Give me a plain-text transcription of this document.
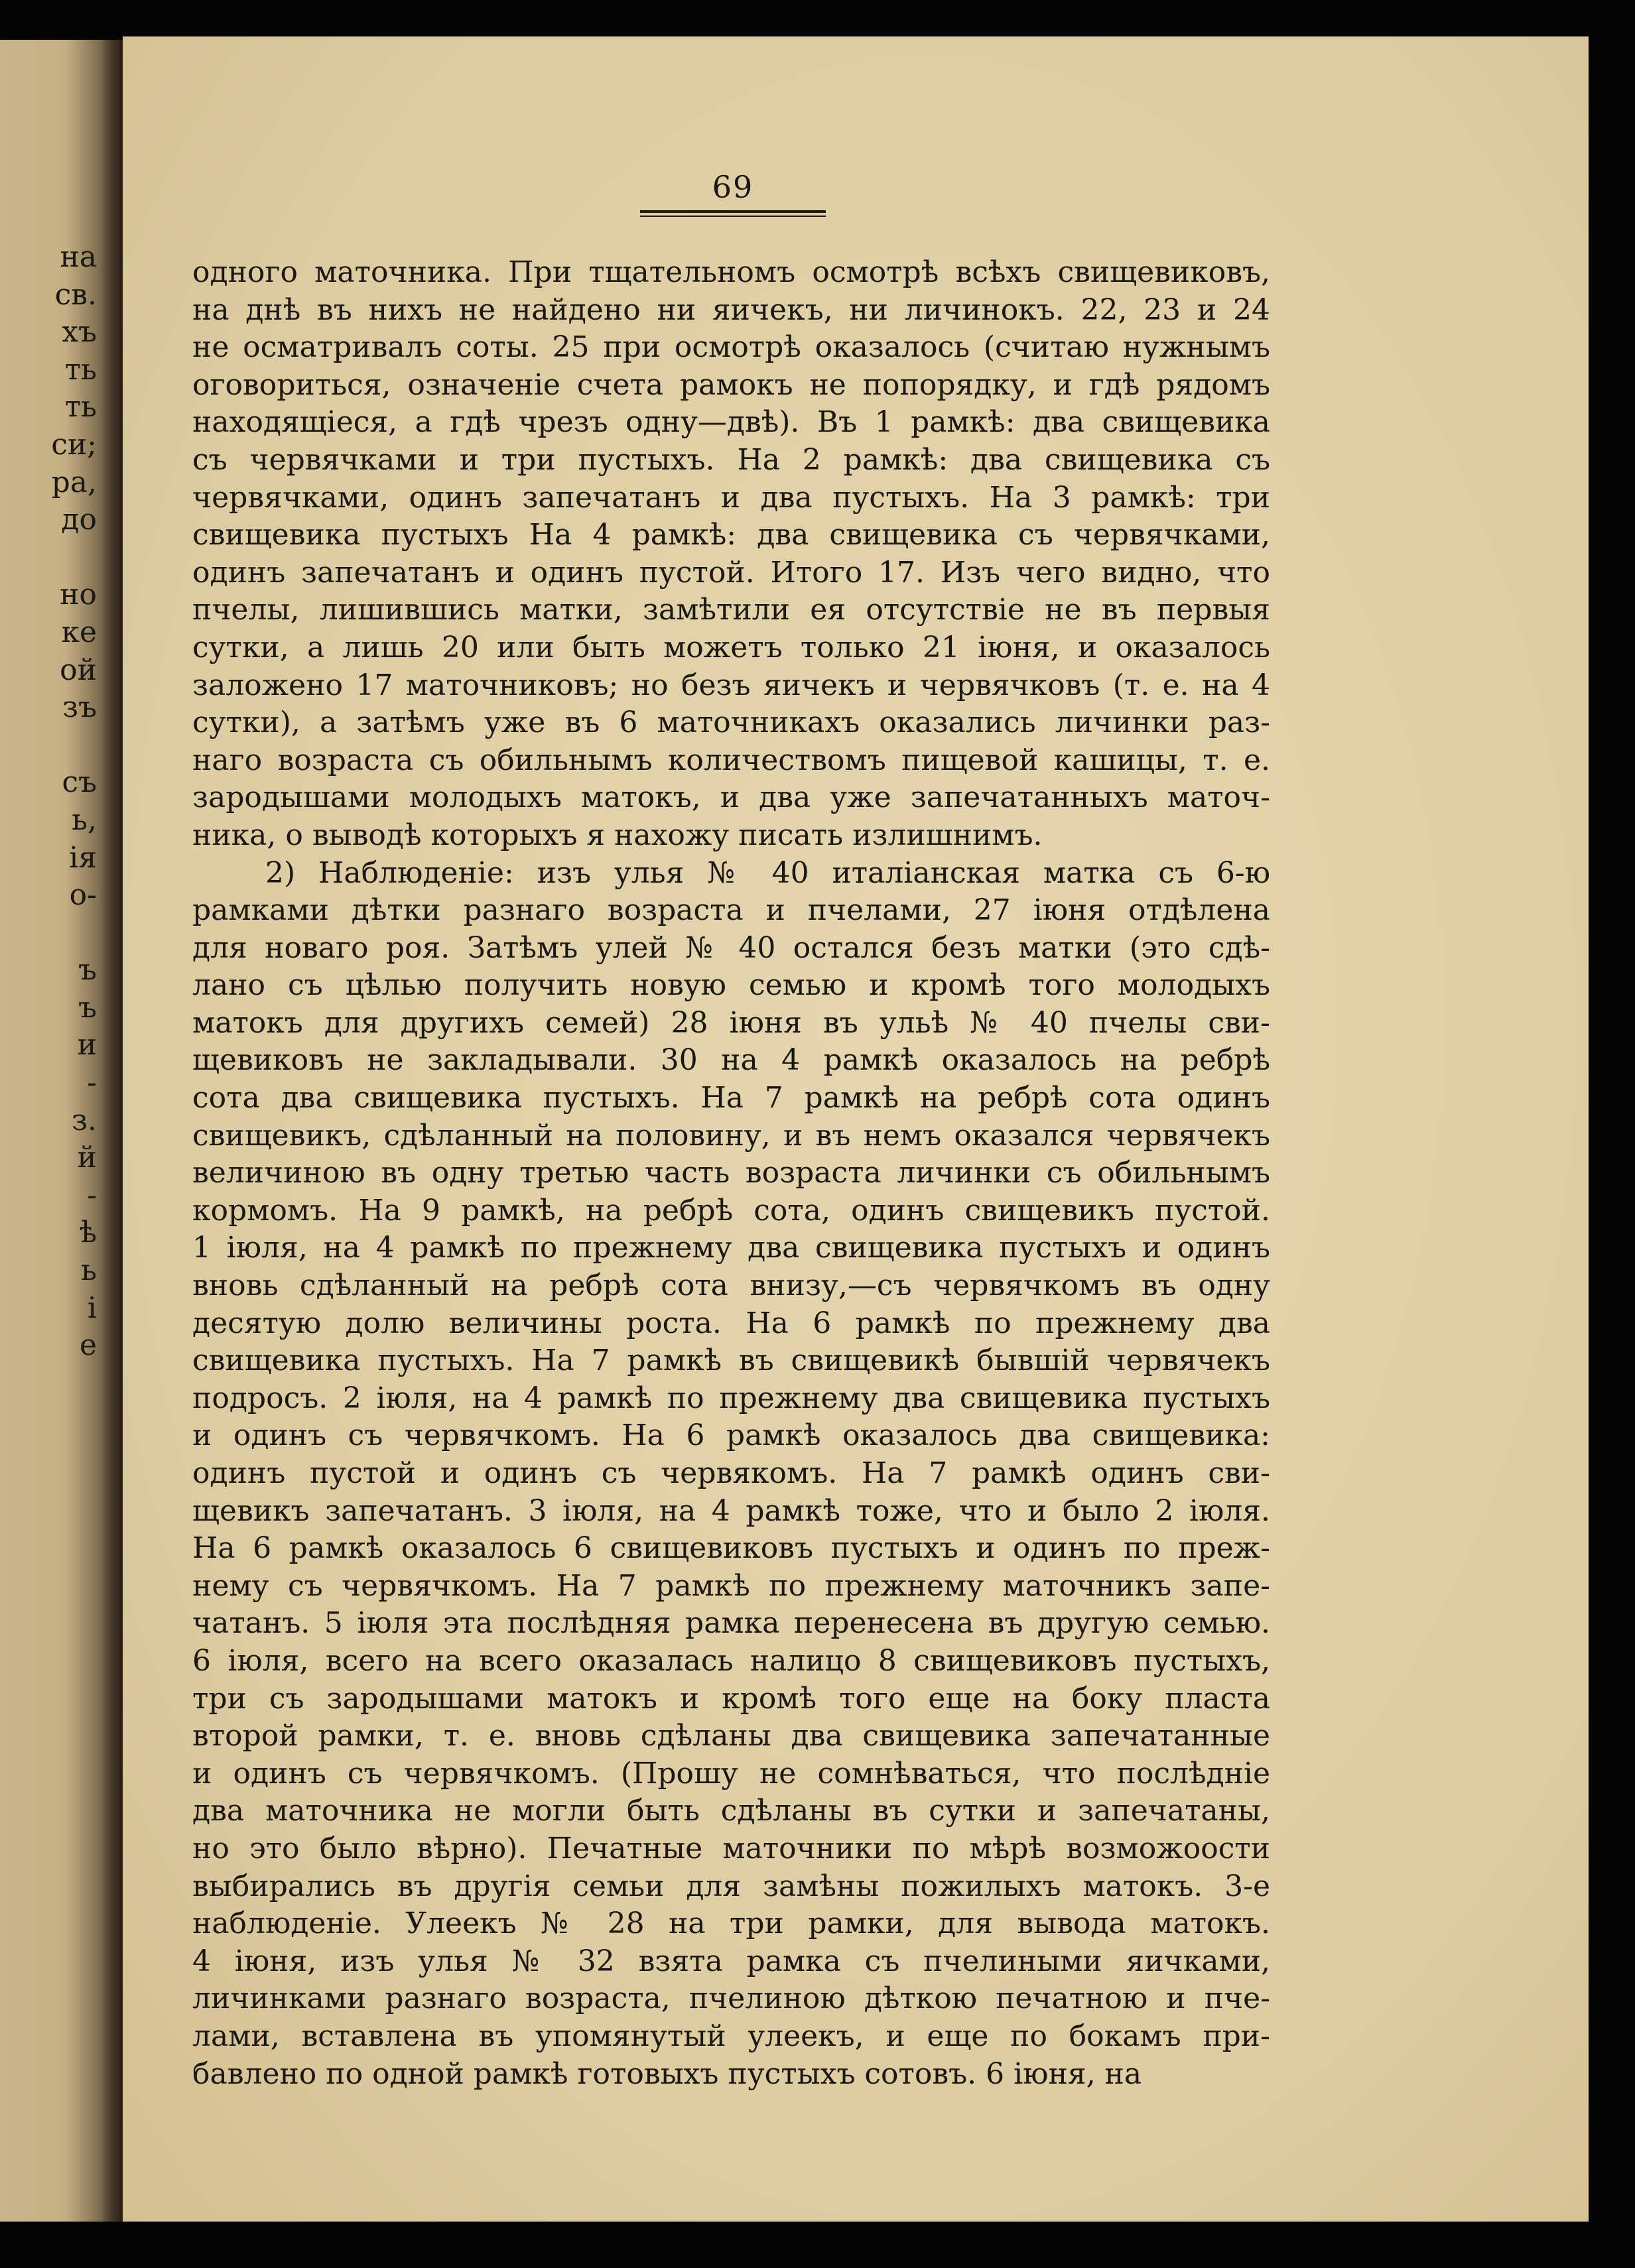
на
св.
хъ
ть
ть
си;
ра,
до
но
ке
ой
зъ
съ
ь,
ія
о-
ъ
ъ
и
-
з.
й
-
ѣ
ь
і
е
69
одного маточника. При тщательномъ осмотрѣ всѣхъ свищевиковъ,
на днѣ въ нихъ не найдено ни яичекъ, ни личинокъ. 22, 23 и 24
не осматривалъ соты. 25 при осмотрѣ оказалось (считаю нужнымъ
оговориться, означеніе счета рамокъ не попорядку, и гдѣ рядомъ
находящіеся, а гдѣ чрезъ одну—двѣ). Въ 1 рамкѣ: два свищевика
съ червячками и три пустыхъ. На 2 рамкѣ: два свищевика съ
червячками, одинъ запечатанъ и два пустыхъ. На 3 рамкѣ: три
свищевика пустыхъ На 4 рамкѣ: два свищевика съ червячками,
одинъ запечатанъ и одинъ пустой. Итого 17. Изъ чего видно, что
пчелы, лишившись матки, замѣтили ея отсутствіе не въ первыя
сутки, а лишь 20 или быть можетъ только 21 іюня, и оказалось
заложено 17 маточниковъ; но безъ яичекъ и червячковъ (т. е. на 4
сутки), а затѣмъ уже въ 6 маточникахъ оказались личинки раз-
наго возраста съ обильнымъ количествомъ пищевой кашицы, т. е.
зародышами молодыхъ матокъ, и два уже запечатанныхъ маточ-
ника, о выводѣ которыхъ я нахожу писать излишнимъ.
2) Наблюденіе: изъ улья № 40 италіанская матка съ 6-ю
рамками дѣтки разнаго возраста и пчелами, 27 іюня отдѣлена
для новаго роя. Затѣмъ улей № 40 остался безъ матки (это сдѣ-
лано съ цѣлью получить новую семью и кромѣ того молодыхъ
матокъ для другихъ семей) 28 іюня въ ульѣ № 40 пчелы сви-
щевиковъ не закладывали. 30 на 4 рамкѣ оказалось на ребрѣ
сота два свищевика пустыхъ. На 7 рамкѣ на ребрѣ сота одинъ
свищевикъ, сдѣланный на половину, и въ немъ оказался червячекъ
величиною въ одну третью часть возраста личинки съ обильнымъ
кормомъ. На 9 рамкѣ, на ребрѣ сота, одинъ свищевикъ пустой.
1 іюля, на 4 рамкѣ по прежнему два свищевика пустыхъ и одинъ
вновь сдѣланный на ребрѣ сота внизу,—съ червячкомъ въ одну
десятую долю величины роста. На 6 рамкѣ по прежнему два
свищевика пустыхъ. На 7 рамкѣ въ свищевикѣ бывшій червячекъ
подросъ. 2 іюля, на 4 рамкѣ по прежнему два свищевика пустыхъ
и одинъ съ червячкомъ. На 6 рамкѣ оказалось два свищевика:
одинъ пустой и одинъ съ червякомъ. На 7 рамкѣ одинъ сви-
щевикъ запечатанъ. 3 іюля, на 4 рамкѣ тоже, что и было 2 іюля.
На 6 рамкѣ оказалось 6 свищевиковъ пустыхъ и одинъ по преж-
нему съ червячкомъ. На 7 рамкѣ по прежнему маточникъ запе-
чатанъ. 5 іюля эта послѣдняя рамка перенесена въ другую семью.
6 іюля, всего на всего оказалась налицо 8 свищевиковъ пустыхъ,
три съ зародышами матокъ и кромѣ того еще на боку пласта
второй рамки, т. е. вновь сдѣланы два свищевика запечатанные
и одинъ съ червячкомъ. (Прошу не сомнѣваться, что послѣдніе
два маточника не могли быть сдѣланы въ сутки и запечатаны,
но это было вѣрно). Печатные маточники по мѣрѣ возможоости
выбирались въ другія семьи для замѣны пожилыхъ матокъ. 3-е
наблюденіе. Улеекъ № 28 на три рамки, для вывода матокъ.
4 іюня, изъ улья № 32 взята рамка съ пчелиными яичками,
личинками разнаго возраста, пчелиною дѣткою печатною и пче-
лами, вставлена въ упомянутый улеекъ, и еще по бокамъ при-
бавлено по одной рамкѣ готовыхъ пустыхъ сотовъ. 6 іюня, на
